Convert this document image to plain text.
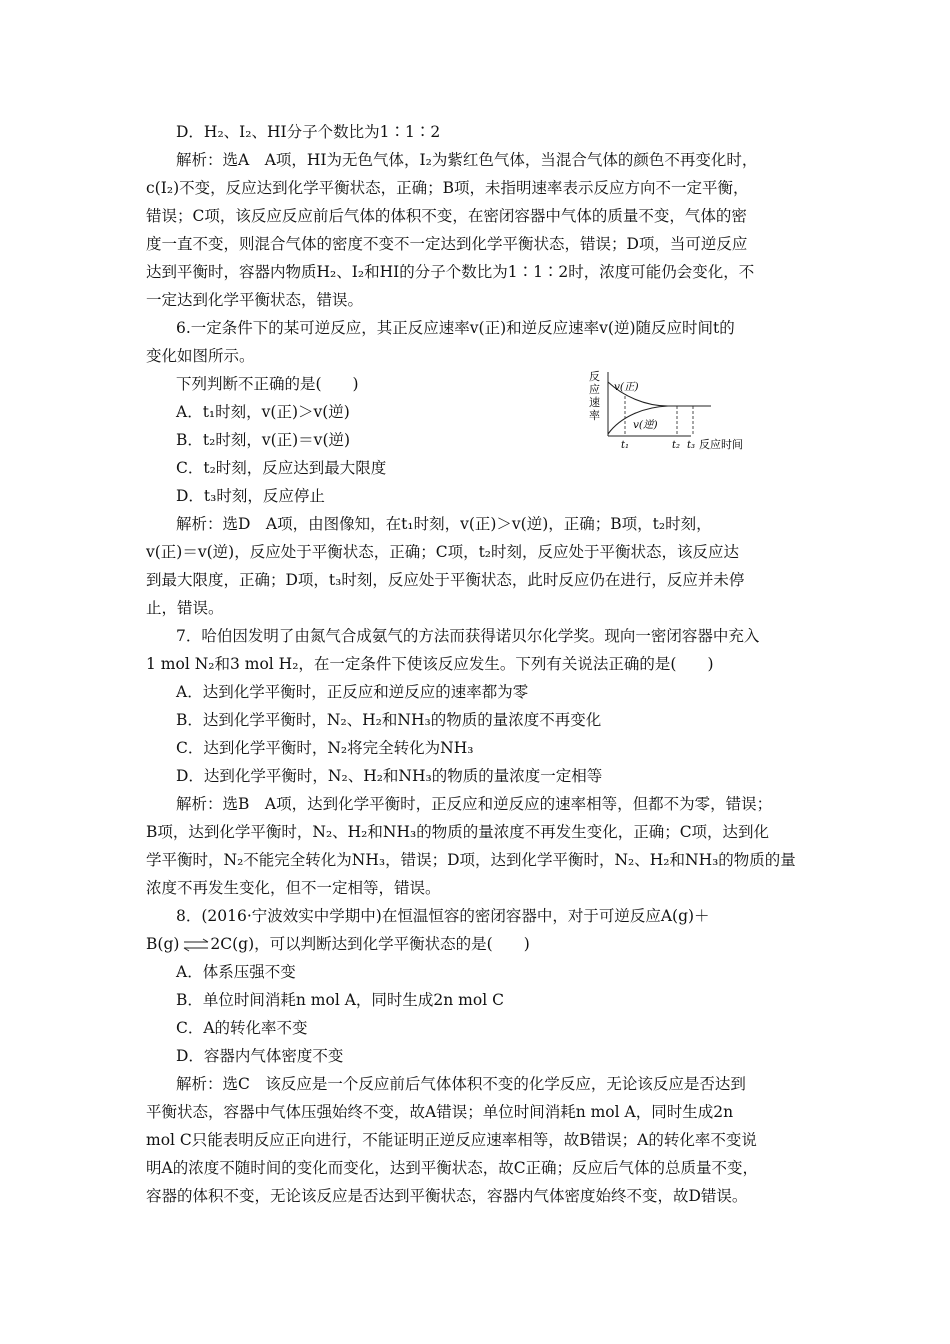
D．H₂、I₂、HI分子个数比为1∶1∶2
解析：选A　A项，HI为无色气体，I₂为紫红色气体，当混合气体的颜色不再变化时，
c(I₂)不变，反应达到化学平衡状态，正确；B项，未指明速率表示反应方向不一定平衡，
错误；C项，该反应反应前后气体的体积不变，在密闭容器中气体的质量不变，气体的密
度一直不变，则混合气体的密度不变不一定达到化学平衡状态，错误；D项，当可逆反应
达到平衡时，容器内物质H₂、I₂和HI的分子个数比为1∶1∶2时，浓度可能仍会变化，不
一定达到化学平衡状态，错误。
6.一定条件下的某可逆反应，其正反应速率v(正)和逆反应速率v(逆)随反应时间t的
变化如图所示。
下列判断不正确的是(　　)
A．t₁时刻，v(正)＞v(逆)
B．t₂时刻，v(正)＝v(逆)
C．t₂时刻，反应达到最大限度
D．t₃时刻，反应停止
反
应
速
率
v(正)
v(逆)
t₁	t₂ t₃ 反应时间
解析：选D　A项，由图像知，在t₁时刻，v(正)＞v(逆)，正确；B项，t₂时刻，
v(正)＝v(逆)，反应处于平衡状态，正确；C项，t₂时刻，反应处于平衡状态，该反应达
到最大限度，正确；D项，t₃时刻，反应处于平衡状态，此时反应仍在进行，反应并未停
止，错误。
7．哈伯因发明了由氮气合成氨气的方法而获得诺贝尔化学奖。现向一密闭容器中充入
1 mol N₂和3 mol H₂，在一定条件下使该反应发生。下列有关说法正确的是(　　)
A．达到化学平衡时，正反应和逆反应的速率都为零
B．达到化学平衡时，N₂、H₂和NH₃的物质的量浓度不再变化
C．达到化学平衡时，N₂将完全转化为NH₃
D．达到化学平衡时，N₂、H₂和NH₃的物质的量浓度一定相等
解析：选B　A项，达到化学平衡时，正反应和逆反应的速率相等，但都不为零，错误；
B项，达到化学平衡时，N₂、H₂和NH₃的物质的量浓度不再发生变化，正确；C项，达到化
学平衡时，N₂不能完全转化为NH₃，错误；D项，达到化学平衡时，N₂、H₂和NH₃的物质的量
浓度不再发生变化，但不一定相等，错误。
8．(2016·宁波效实中学期中)在恒温恒容的密闭容器中，对于可逆反应A(g)＋
B(g)　　2C(g)，可以判断达到化学平衡状态的是(　　)
A．体系压强不变
B．单位时间消耗n mol A，同时生成2n mol C
C．A的转化率不变
D．容器内气体密度不变
解析：选C　该反应是一个反应前后气体体积不变的化学反应，无论该反应是否达到
平衡状态，容器中气体压强始终不变，故A错误；单位时间消耗n mol A，同时生成2n
mol C只能表明反应正向进行，不能证明正逆反应速率相等，故B错误；A的转化率不变说
明A的浓度不随时间的变化而变化，达到平衡状态，故C正确；反应后气体的总质量不变，
容器的体积不变，无论该反应是否达到平衡状态，容器内气体密度始终不变，故D错误。
